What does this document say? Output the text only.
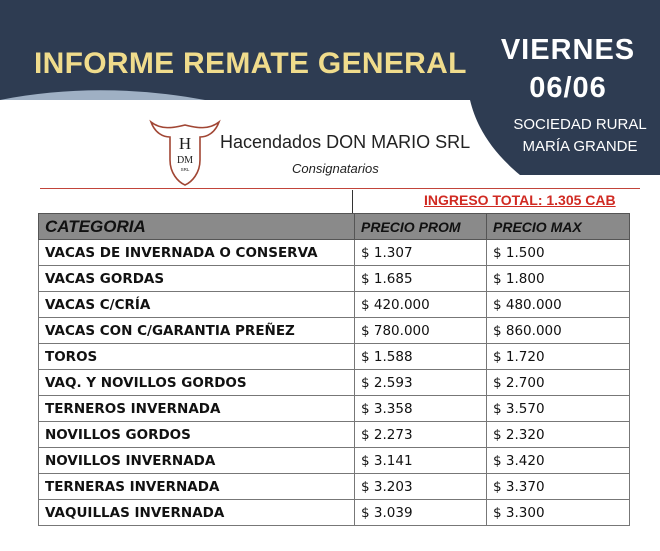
INFORME REMATE GENERAL	VIERNES
06/06
SOCIEDAD RURAL
MARÍA GRANDE
H
DM
SRL
Hacendados DON MARIO SRL
Consignatarios
INGRESO TOTAL: 1.305 CAB
CATEGORIA	PRECIO PROM	PRECIO MAX
VACAS DE INVERNADA O CONSERVA	$ 1.307	$ 1.500
VACAS GORDAS	$ 1.685	$ 1.800
VACAS C/CRÍA	$ 420.000	$ 480.000
VACAS CON C/GARANTIA PREÑEZ	$ 780.000	$ 860.000
TOROS	$ 1.588	$ 1.720
VAQ. Y NOVILLOS GORDOS	$ 2.593	$ 2.700
TERNEROS INVERNADA	$ 3.358	$ 3.570
NOVILLOS GORDOS	$ 2.273	$ 2.320
NOVILLOS INVERNADA	$ 3.141	$ 3.420
TERNERAS INVERNADA	$ 3.203	$ 3.370
VAQUILLAS INVERNADA	$ 3.039	$ 3.300
